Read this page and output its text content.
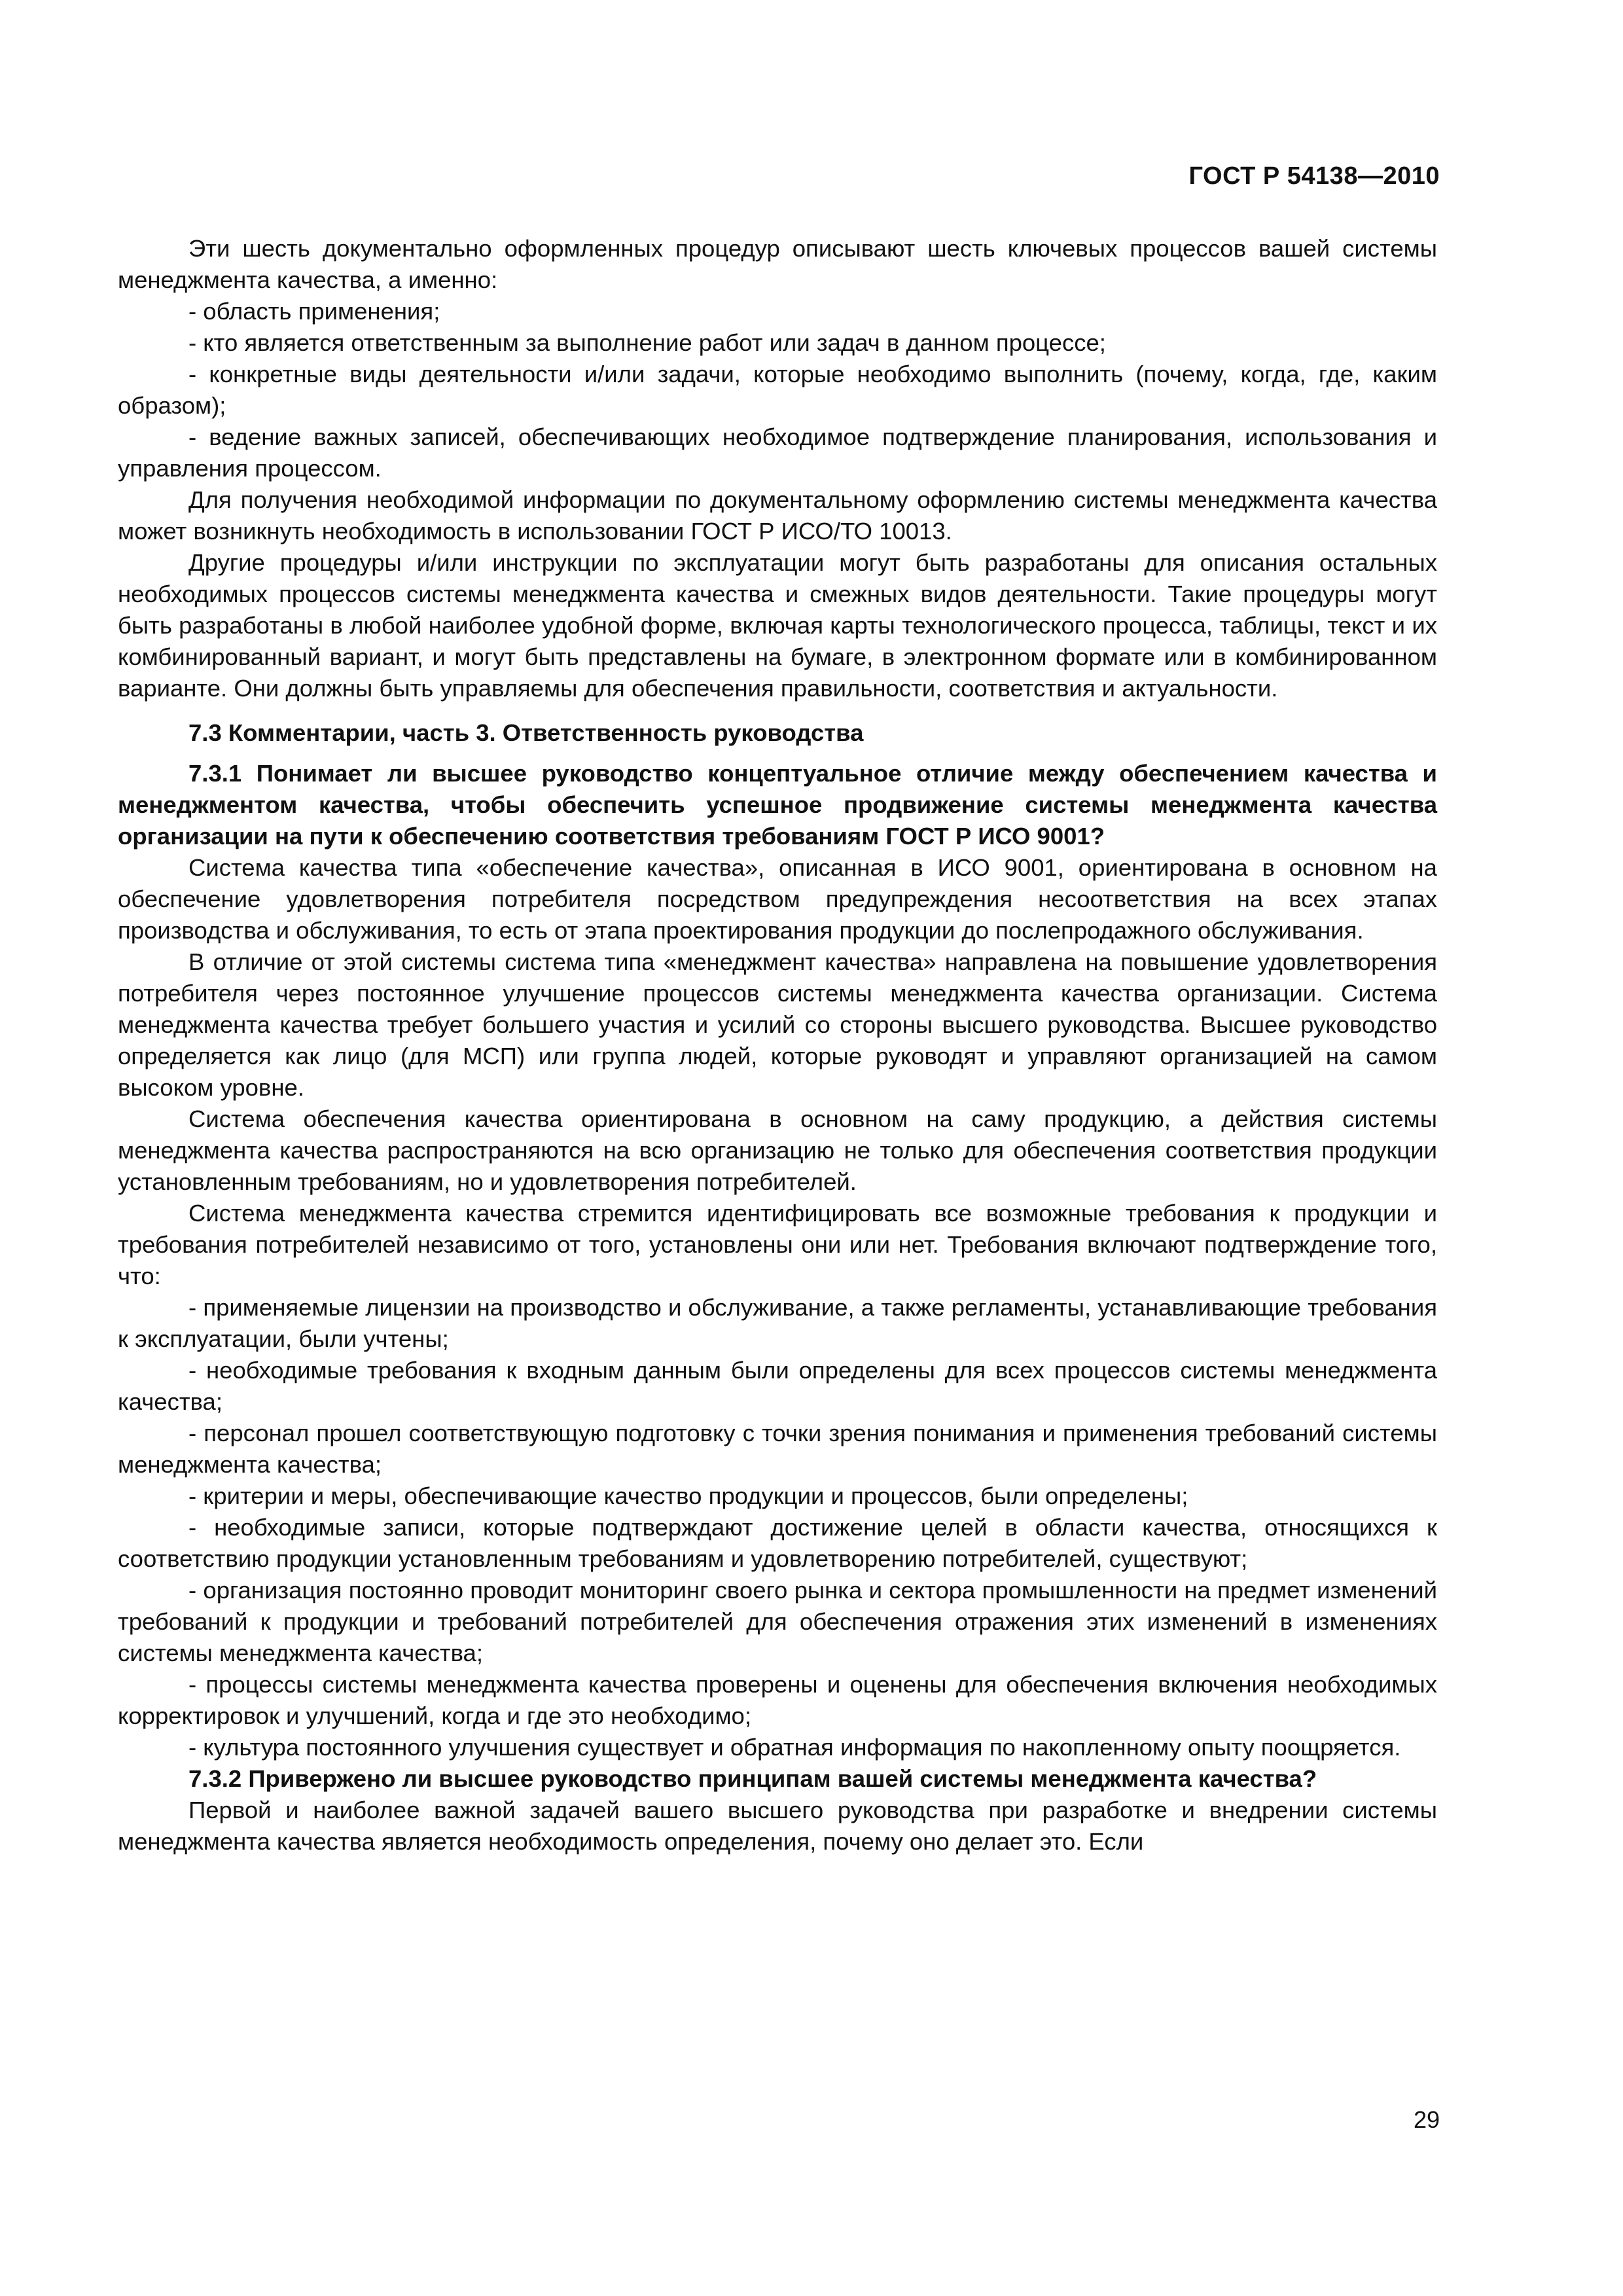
ГОСТ Р 54138—2010

Эти шесть документально оформленных процедур описывают шесть ключевых процессов вашей системы менеджмента качества, а именно:

- область применения;

- кто является ответственным за выполнение работ или задач в данном процессе;

- конкретные виды деятельности и/или задачи, которые необходимо выполнить (почему, когда, где, каким образом);

- ведение важных записей, обеспечивающих необходимое подтверждение планирования, использования и управления процессом.

Для получения необходимой информации по документальному оформлению системы менеджмента качества может возникнуть необходимость в использовании ГОСТ Р ИСО/ТО 10013.

Другие процедуры и/или инструкции по эксплуатации могут быть разработаны для описания остальных необходимых процессов системы менеджмента качества и смежных видов деятельности. Такие процедуры могут быть разработаны в любой наиболее удобной форме, включая карты технологического процесса, таблицы, текст и их комбинированный вариант, и могут быть представлены на бумаге, в электронном формате или в комбинированном варианте. Они должны быть управляемы для обеспечения правильности, соответствия и актуальности.

7.3 Комментарии, часть 3. Ответственность руководства

7.3.1 Понимает ли высшее руководство концептуальное отличие между обеспечением качества и менеджментом качества, чтобы обеспечить успешное продвижение системы менеджмента качества организации на пути к обеспечению соответствия требованиям ГОСТ Р ИСО 9001?

Система качества типа «обеспечение качества», описанная в ИСО 9001, ориентирована в основном на обеспечение удовлетворения потребителя посредством предупреждения несоответствия на всех этапах производства и обслуживания, то есть от этапа проектирования продукции до послепродажного обслуживания.

В отличие от этой системы система типа «менеджмент качества» направлена на повышение удовлетворения потребителя через постоянное улучшение процессов системы менеджмента качества организации. Система менеджмента качества требует большего участия и усилий со стороны высшего руководства. Высшее руководство определяется как лицо (для МСП) или группа людей, которые руководят и управляют организацией на самом высоком уровне.

Система обеспечения качества ориентирована в основном на саму продукцию, а действия системы менеджмента качества распространяются на всю организацию не только для обеспечения соответствия продукции установленным требованиям, но и удовлетворения потребителей.

Система менеджмента качества стремится идентифицировать все возможные требования к продукции и требования потребителей независимо от того, установлены они или нет. Требования включают подтверждение того, что:

- применяемые лицензии на производство и обслуживание, а также регламенты, устанавливающие требования к эксплуатации, были учтены;

- необходимые требования к входным данным были определены для всех процессов системы менеджмента качества;

- персонал прошел соответствующую подготовку с точки зрения понимания и применения требований системы менеджмента качества;

- критерии и меры, обеспечивающие качество продукции и процессов, были определены;

- необходимые записи, которые подтверждают достижение целей в области качества, относящихся к соответствию продукции установленным требованиям и удовлетворению потребителей, существуют;

- организация постоянно проводит мониторинг своего рынка и сектора промышленности на предмет изменений требований к продукции и требований потребителей для обеспечения отражения этих изменений в изменениях системы менеджмента качества;

- процессы системы менеджмента качества проверены и оценены для обеспечения включения необходимых корректировок и улучшений, когда и где это необходимо;

- культура постоянного улучшения существует и обратная информация по накопленному опыту поощряется.

7.3.2 Привержено ли высшее руководство принципам вашей системы менеджмента качества?

Первой и наиболее важной задачей вашего высшего руководства при разработке и внедрении системы менеджмента качества является необходимость определения, почему оно делает это. Если

29
